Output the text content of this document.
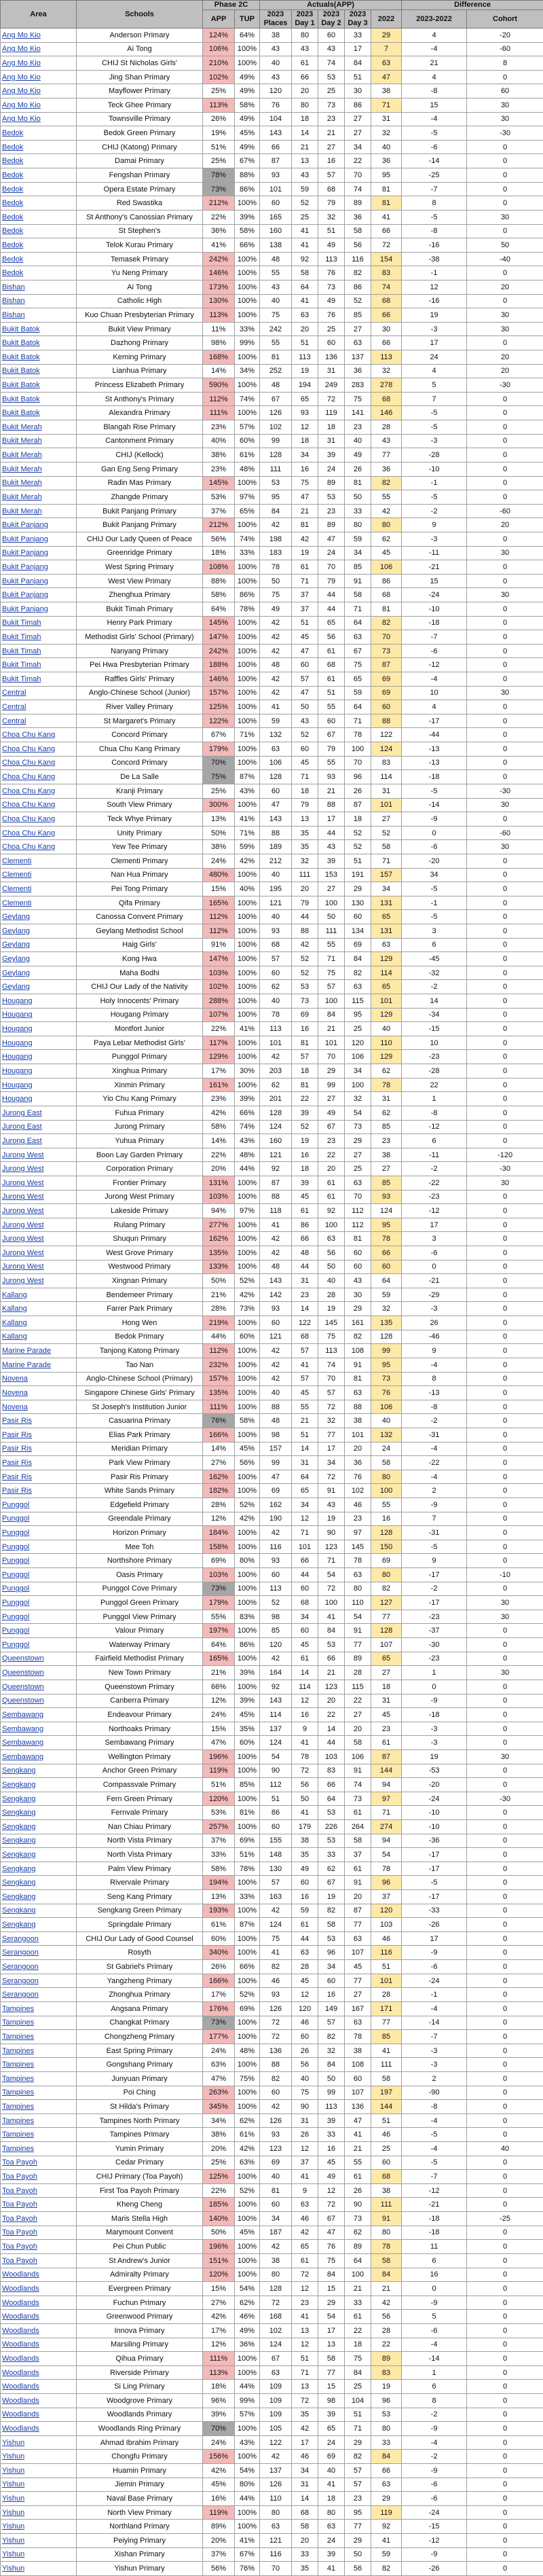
Area	Schools	Phase 2C		Actuals(APP)					Difference	
		APP	TUP	2023 Places	2023 Day 1	2023 Day 2	2023 Day 3	2022	2023-2022	Cohort
Ang Mo Kio	Anderson Primary	124%	64%	38	80	60	33	29	4	-20
Ang Mo Kio	Ai Tong	106%	100%	43	43	43	17	7	-4	-60
Ang Mo Kio	CHIJ St Nicholas Girls'	210%	100%	40	61	74	84	63	21	8
Ang Mo Kio	Jing Shan Primary	102%	49%	43	66	53	51	47	4	0
Ang Mo Kio	Mayflower Primary	25%	49%	120	20	25	30	38	-8	60
Ang Mo Kio	Teck Ghee Primary	113%	58%	76	80	73	86	71	15	30
Ang Mo Kio	Townsville Primary	26%	49%	104	18	23	27	31	-4	30
Bedok	Bedok Green Primary	19%	45%	143	14	21	27	32	-5	-30
Bedok	CHIJ (Katong) Primary	51%	49%	66	21	27	34	40	-6	0
Bedok	Damai Primary	25%	67%	87	13	16	22	36	-14	0
Bedok	Fengshan Primary	78%	88%	93	43	57	70	95	-25	0
Bedok	Opera Estate Primary	73%	86%	101	59	68	74	81	-7	0
Bedok	Red Swastika	212%	100%	60	52	79	89	81	8	0
Bedok	St Anthony's Canossian Primary	22%	39%	165	25	32	36	41	-5	30
Bedok	St Stephen's	36%	58%	160	41	51	58	66	-8	0
Bedok	Telok Kurau Primary	41%	66%	138	41	49	56	72	-16	50
Bedok	Temasek Primary	242%	100%	48	92	113	116	154	-38	-40
Bedok	Yu Neng Primary	146%	100%	55	58	76	82	83	-1	0
Bishan	Ai Tong	173%	100%	43	64	73	86	74	12	20
Bishan	Catholic High	130%	100%	40	41	49	52	68	-16	0
Bishan	Kuo Chuan Presbyterian Primary	113%	100%	75	63	76	85	66	19	30
Bukit Batok	Bukit View Primary	11%	33%	242	20	25	27	30	-3	30
Bukit Batok	Dazhong Primary	98%	99%	55	51	60	63	66	17	0
Bukit Batok	Keming Primary	168%	100%	81	113	136	137	113	24	20
Bukit Batok	Lianhua Primary	14%	34%	252	19	31	36	32	4	20
Bukit Batok	Princess Elizabeth Primary	590%	100%	48	194	249	283	278	5	-30
Bukit Batok	St Anthony's Primary	112%	74%	67	65	72	75	68	7	0
Bukit Batok	Alexandra Primary	111%	100%	126	93	119	141	146	-5	0
Bukit Merah	Blangah Rise Primary	23%	57%	102	12	18	23	28	-5	0
Bukit Merah	Cantonment Primary	40%	60%	99	18	31	40	43	-3	0
Bukit Merah	CHIJ (Kellock)	38%	61%	128	34	39	49	77	-28	0
Bukit Merah	Gan Eng Seng Primary	23%	48%	111	16	24	26	36	-10	0
Bukit Merah	Radin Mas Primary	145%	100%	53	75	89	81	82	-1	0
Bukit Merah	Zhangde Primary	53%	97%	95	47	53	50	55	-5	0
Bukit Merah	Bukit Panjang Primary	37%	65%	84	21	23	33	42	-2	-60
Bukit Panjang	Bukit Panjang Primary	212%	100%	42	81	89	80	80	9	20
Bukit Panjang	CHIJ Our Lady Queen of Peace	56%	74%	198	42	47	59	62	-3	0
Bukit Panjang	Greenridge Primary	18%	33%	183	19	24	34	45	-11	30
Bukit Panjang	West Spring Primary	108%	100%	78	61	70	85	106	-21	0
Bukit Panjang	West View Primary	88%	100%	50	71	79	91	86	15	0
Bukit Panjang	Zhenghua Primary	58%	86%	75	37	44	58	68	-24	30
Bukit Panjang	Bukit Timah Primary	64%	78%	49	37	44	71	81	-10	0
Bukit Timah	Henry Park Primary	145%	100%	42	51	65	64	82	-18	0
Bukit Timah	Methodist Girls' School (Primary)	147%	100%	42	45	56	63	70	-7	0
Bukit Timah	Nanyang Primary	242%	100%	42	47	61	67	73	-6	0
Bukit Timah	Pei Hwa Presbyterian Primary	188%	100%	48	60	68	75	87	-12	0
Bukit Timah	Raffles Girls' Primary	146%	100%	42	57	61	65	69	-4	0
Central	Anglo-Chinese School (Junior)	157%	100%	42	47	51	59	69	10	30
Central	River Valley Primary	125%	100%	41	50	55	64	60	4	0
Central	St Margaret's Primary	122%	100%	59	43	60	71	88	-17	0
Choa Chu Kang	Concord Primary	67%	71%	132	52	67	78	122	-44	0
Choa Chu Kang	Chua Chu Kang Primary	179%	100%	63	60	79	100	124	-13	0
Choa Chu Kang	Concord Primary	70%	100%	106	45	55	70	83	-13	0
Choa Chu Kang	De La Salle	75%	87%	128	71	93	96	114	-18	0
Choa Chu Kang	Kranji Primary	25%	43%	60	18	21	26	31	-5	-30
Choa Chu Kang	South View Primary	300%	100%	47	79	88	87	101	-14	30
Choa Chu Kang	Teck Whye Primary	13%	41%	143	13	17	18	27	-9	0
Choa Chu Kang	Unity Primary	50%	71%	88	35	44	52	52	0	-60
Choa Chu Kang	Yew Tee Primary	38%	59%	189	35	43	52	58	-6	30
Clementi	Clementi Primary	24%	42%	212	32	39	51	71	-20	0
Clementi	Nan Hua Primary	480%	100%	40	111	153	191	157	34	0
Clementi	Pei Tong Primary	15%	40%	195	20	27	29	34	-5	0
Clementi	Qifa Primary	165%	100%	121	79	100	130	131	-1	0
Geylang	Canossa Convent Primary	112%	100%	40	44	50	60	65	-5	0
Geylang	Geylang Methodist School	112%	100%	93	88	111	134	131	3	0
Geylang	Haig Girls'	91%	100%	68	42	55	69	63	6	0
Geylang	Kong Hwa	147%	100%	57	52	71	84	129	-45	0
Geylang	Maha Bodhi	103%	100%	60	52	75	82	114	-32	0
Geylang	CHIJ Our Lady of the Nativity	102%	100%	62	53	57	63	65	-2	0
Hougang	Holy Innocents' Primary	288%	100%	40	73	100	115	101	14	0
Hougang	Hougang Primary	107%	100%	78	69	84	95	129	-34	0
Hougang	Montfort Junior	22%	41%	113	16	21	25	40	-15	0
Hougang	Paya Lebar Methodist Girls'	117%	100%	101	81	101	120	110	10	0
Hougang	Punggol Primary	129%	100%	42	57	70	106	129	-23	0
Hougang	Xinghua Primary	17%	30%	203	18	29	34	62	-28	0
Hougang	Xinmin Primary	161%	100%	62	81	99	100	78	22	0
Hougang	Yio Chu Kang Primary	23%	39%	201	22	27	32	31	1	0
Jurong East	Fuhua Primary	42%	66%	128	39	49	54	62	-8	0
Jurong East	Jurong Primary	58%	74%	124	52	67	73	85	-12	0
Jurong East	Yuhua Primary	14%	43%	160	19	23	29	23	6	0
Jurong West	Boon Lay Garden Primary	22%	48%	121	16	22	27	38	-11	-120
Jurong West	Corporation Primary	20%	44%	92	18	20	25	27	-2	-30
Jurong West	Frontier Primary	131%	100%	87	39	61	63	85	-22	30
Jurong West	Jurong West Primary	103%	100%	88	45	61	70	93	-23	0
Jurong West	Lakeside Primary	94%	97%	118	61	92	112	124	-12	0
Jurong West	Rulang Primary	277%	100%	41	86	100	112	95	17	0
Jurong West	Shuqun Primary	162%	100%	42	66	63	81	78	3	0
Jurong West	West Grove Primary	135%	100%	42	48	56	60	66	-6	0
Jurong West	Westwood Primary	133%	100%	48	44	50	60	60	0	0
Jurong West	Xingnan Primary	50%	52%	143	31	40	43	64	-21	0
Kallang	Bendemeer Primary	21%	42%	142	23	28	30	59	-29	0
Kallang	Farrer Park Primary	28%	73%	93	14	19	29	32	-3	0
Kallang	Hong Wen	219%	100%	60	122	145	161	135	26	0
Kallang	Bedok Primary	44%	60%	121	68	75	82	128	-46	0
Marine Parade	Tanjong Katong Primary	112%	100%	42	57	113	108	99	9	0
Marine Parade	Tao Nan	232%	100%	42	41	74	91	95	-4	0
Novena	Anglo-Chinese School (Primary)	157%	100%	42	57	70	81	73	8	0
Novena	Singapore Chinese Girls' Primary	135%	100%	40	45	57	63	76	-13	0
Novena	St Joseph's Institution Junior	111%	100%	88	55	72	88	106	-8	0
Pasir Ris	Casuarina Primary	76%	58%	48	21	32	38	40	-2	0
Pasir Ris	Elias Park Primary	166%	100%	98	51	77	101	132	-31	0
Pasir Ris	Meridian Primary	14%	45%	157	14	17	20	24	-4	0
Pasir Ris	Park View Primary	27%	56%	99	31	34	36	58	-22	0
Pasir Ris	Pasir Ris Primary	162%	100%	47	64	72	76	80	-4	0
Pasir Ris	White Sands Primary	182%	100%	69	65	91	102	100	2	0
Punggol	Edgefield Primary	28%	52%	162	34	43	46	55	-9	0
Punggol	Greendale Primary	12%	42%	190	12	19	23	16	7	0
Punggol	Horizon Primary	184%	100%	42	71	90	97	128	-31	0
Punggol	Mee Toh	158%	100%	116	101	123	145	150	-5	0
Punggol	Northshore Primary	69%	80%	93	66	71	78	69	9	0
Punggol	Oasis Primary	103%	100%	60	44	54	63	80	-17	-10
Punggol	Punggol Cove Primary	73%	100%	113	60	72	80	82	-2	0
Punggol	Punggol Green Primary	179%	100%	52	68	100	110	127	-17	30
Punggol	Punggol View Primary	55%	83%	98	34	41	54	77	-23	30
Punggol	Valour Primary	197%	100%	85	60	84	91	128	-37	0
Punggol	Waterway Primary	64%	86%	120	45	53	77	107	-30	0
Queenstown	Fairfield Methodist Primary	165%	100%	42	61	66	89	65	-23	0
Queenstown	New Town Primary	21%	39%	164	14	21	28	27	1	30
Queenstown	Queenstown Primary	66%	100%	92	114	123	115	18	0	0
Queenstown	Canberra Primary	12%	39%	143	12	20	22	31	-9	0
Sembawang	Endeavour Primary	24%	45%	114	16	22	27	45	-18	0
Sembawang	Northoaks Primary	15%	35%	137	9	14	20	23	-3	0
Sembawang	Sembawang Primary	47%	60%	124	41	44	58	61	-3	0
Sembawang	Wellington Primary	196%	100%	54	78	103	106	87	19	30
Sengkang	Anchor Green Primary	119%	100%	90	72	83	91	144	-53	0
Sengkang	Compassvale Primary	51%	85%	112	56	66	74	94	-20	0
Sengkang	Fern Green Primary	120%	100%	51	50	64	73	97	-24	-30
Sengkang	Fernvale Primary	53%	81%	86	41	53	61	71	-10	0
Sengkang	Nan Chiau Primary	257%	100%	60	179	226	264	274	-10	0
Sengkang	North Vista Primary	37%	69%	155	38	53	58	94	-36	0
Sengkang	North Vista Primary	33%	51%	148	35	33	37	54	-17	0
Sengkang	Palm View Primary	58%	78%	130	49	62	61	78	-17	0
Sengkang	Rivervale Primary	194%	100%	57	60	67	91	96	-5	0
Sengkang	Seng Kang Primary	13%	33%	163	16	19	20	37	-17	0
Sengkang	Sengkang Green Primary	193%	100%	42	59	82	87	120	-33	0
Sengkang	Springdale Primary	61%	87%	124	61	58	77	103	-26	0
Serangoon	CHIJ Our Lady of Good Counsel	60%	100%	75	44	53	63	46	17	0
Serangoon	Rosyth	340%	100%	41	63	96	107	116	-9	0
Serangoon	St Gabriel's Primary	26%	66%	82	28	34	45	51	-6	0
Serangoon	Yangzheng Primary	166%	100%	46	45	60	77	101	-24	0
Serangoon	Zhonghua Primary	17%	52%	93	12	16	27	28	-1	0
Tampines	Angsana Primary	176%	69%	126	120	149	167	171	-4	0
Tampines	Changkat Primary	73%	100%	72	46	57	63	77	-14	0
Tampines	Chongzheng Primary	177%	100%	72	60	82	78	85	-7	0
Tampines	East Spring Primary	24%	48%	136	26	32	38	41	-3	0
Tampines	Gongshang Primary	63%	100%	88	56	84	108	111	-3	0
Tampines	Junyuan Primary	47%	75%	82	40	50	60	58	2	0
Tampines	Poi Ching	263%	100%	60	75	99	107	197	-90	0
Tampines	St Hilda's Primary	345%	100%	42	90	113	136	144	-8	0
Tampines	Tampines North Primary	34%	62%	126	31	39	47	51	-4	0
Tampines	Tampines Primary	38%	61%	93	26	33	41	46	-5	0
Tampines	Yumin Primary	20%	42%	123	12	16	21	25	-4	40
Toa Payoh	Cedar Primary	25%	63%	69	37	45	55	60	-5	0
Toa Payoh	CHIJ Primary (Toa Payoh)	125%	100%	40	41	49	61	68	-7	0
Toa Payoh	First Toa Payoh Primary	22%	52%	81	9	12	26	38	-12	0
Toa Payoh	Kheng Cheng	185%	100%	60	63	72	90	111	-21	0
Toa Payoh	Maris Stella High	140%	100%	34	46	67	73	91	-18	-25
Toa Payoh	Marymount Convent	50%	45%	187	42	47	62	80	-18	0
Toa Payoh	Pei Chun Public	196%	100%	42	65	76	89	78	11	0
Toa Payoh	St Andrew's Junior	151%	100%	38	61	75	64	58	6	0
Woodlands	Admiralty Primary	120%	100%	80	72	84	100	84	16	0
Woodlands	Evergreen Primary	15%	54%	128	12	15	21	21	0	0
Woodlands	Fuchun Primary	27%	62%	72	23	29	33	42	-9	0
Woodlands	Greenwood Primary	42%	46%	168	41	54	61	56	5	0
Woodlands	Innova Primary	17%	49%	102	13	17	22	28	-6	0
Woodlands	Marsiling Primary	12%	36%	124	12	13	18	22	-4	0
Woodlands	Qihua Primary	111%	100%	67	51	58	75	89	-14	0
Woodlands	Riverside Primary	113%	100%	63	71	77	84	83	1	0
Woodlands	Si Ling Primary	18%	44%	109	13	15	25	19	6	0
Woodlands	Woodgrove Primary	96%	99%	109	72	98	104	96	8	0
Woodlands	Woodlands Primary	39%	57%	109	35	39	51	53	-2	0
Woodlands	Woodlands Ring Primary	70%	100%	105	42	65	71	80	-9	0
Yishun	Ahmad Ibrahim Primary	24%	43%	122	17	24	29	33	-4	0
Yishun	Chongfu Primary	156%	100%	42	46	69	82	84	-2	0
Yishun	Huamin Primary	42%	54%	137	34	40	57	66	-9	0
Yishun	Jiemin Primary	45%	80%	126	31	41	57	63	-6	0
Yishun	Naval Base Primary	16%	44%	110	14	18	23	29	-6	0
Yishun	North View Primary	119%	100%	80	68	80	95	119	-24	0
Yishun	Northland Primary	89%	100%	63	58	63	77	92	-15	0
Yishun	Peiying Primary	20%	41%	121	20	24	29	41	-12	0
Yishun	Xishan Primary	37%	67%	116	33	39	50	59	-9	0
Yishun	Yishun Primary	56%	76%	70	35	41	56	82	-26	0
